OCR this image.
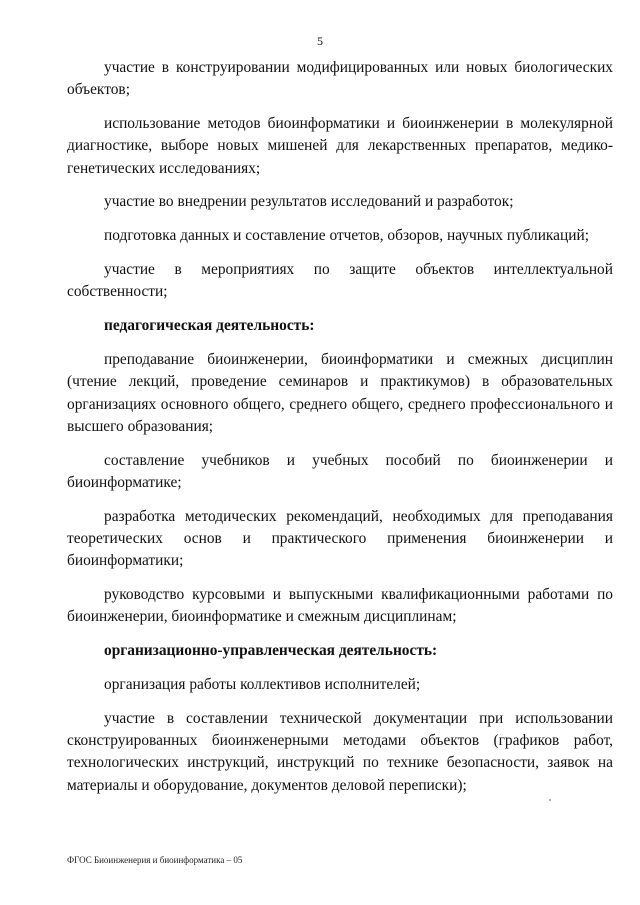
5

участие в конструировании модифицированных или новых биологических объектов;

использование методов биоинформатики и биоинженерии в молекулярной диагностике, выборе новых мишеней для лекарственных препаратов, медико-генетических исследованиях;

участие во внедрении результатов исследований и разработок;

подготовка данных и составление отчетов, обзоров, научных публикаций;

участие в мероприятиях по защите объектов интеллектуальной собственности;

педагогическая деятельность:

преподавание биоинженерии, биоинформатики и смежных дисциплин (чтение лекций, проведение семинаров и практикумов) в образовательных организациях основного общего, среднего общего, среднего профессионального и высшего образования;

составление учебников и учебных пособий по биоинженерии и биоинформатике;

разработка методических рекомендаций, необходимых для преподавания теоретических основ и практического применения биоинженерии и биоинформатики;

руководство курсовыми и выпускными квалификационными работами по биоинженерии, биоинформатике и смежным дисциплинам;

организационно-управленческая деятельность:

организация работы коллективов исполнителей;

участие в составлении технической документации при использовании сконструированных биоинженерными методами объектов (графиков работ, технологических инструкций, инструкций по технике безопасности, заявок на материалы и оборудование, документов деловой переписки);

ФГОС Биоинженерия и биоинформатика – 05
